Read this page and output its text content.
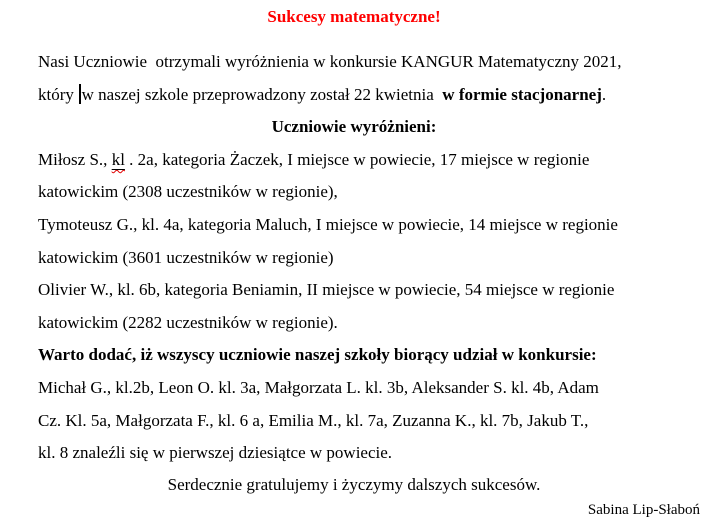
Sukcesy matematyczne!
Nasi Uczniowie  otrzymali wyróżnienia w konkursie KANGUR Matematyczny 2021,
który w naszej szkole przeprowadzony został 22 kwietnia  w formie stacjonarnej.
Uczniowie wyróżnieni:
Miłosz S., kl . 2a, kategoria Żaczek, I miejsce w powiecie, 17 miejsce w regionie
katowickim (2308 uczestników w regionie),
Tymoteusz G., kl. 4a, kategoria Maluch, I miejsce w powiecie, 14 miejsce w regionie
katowickim (3601 uczestników w regionie)
Olivier W., kl. 6b, kategoria Beniamin, II miejsce w powiecie, 54 miejsce w regionie
katowickim (2282 uczestników w regionie).
Warto dodać, iż wszyscy uczniowie naszej szkoły biorący udział w konkursie:
Michał G., kl.2b, Leon O. kl. 3a, Małgorzata L. kl. 3b, Aleksander S. kl. 4b, Adam
Cz. Kl. 5a, Małgorzata F., kl. 6 a, Emilia M., kl. 7a, Zuzanna K., kl. 7b, Jakub T.,
kl. 8 znaleźli się w pierwszej dziesiątce w powiecie.
Serdecznie gratulujemy i życzymy dalszych sukcesów.
Sabina Lip-Słaboń
